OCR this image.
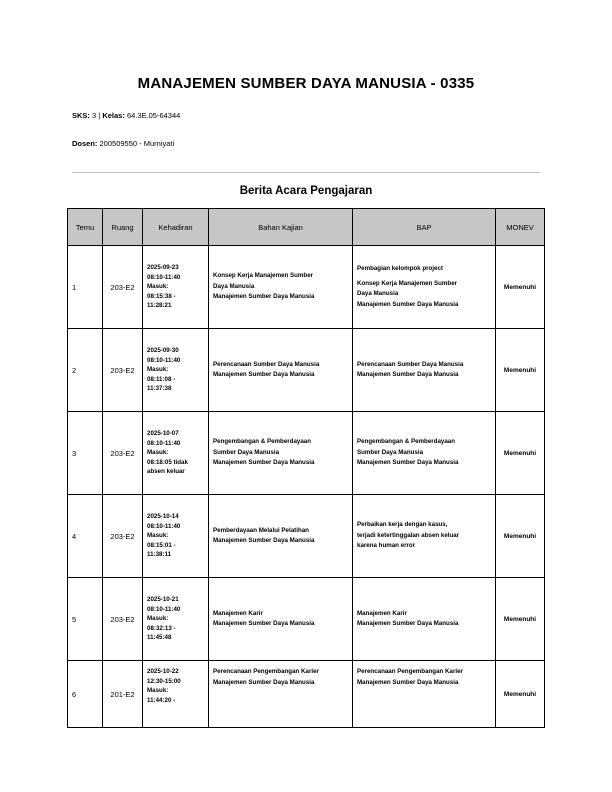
MANAJEMEN SUMBER DAYA MANUSIA - 0335
SKS: 3 | Kelas: 64.3E.05-64344
Dosen: 200509550 - Murniyati
Berita Acara Pengajaran
Temu	Ruang	Kehadiran	Bahan Kajian	BAP	MONEV
1	203-E2	2025-09-23
08:10-11:40
Masuk:
08:15:38 -
11:28:21	Konsep Kerja Manajemen Sumber
Daya Manusia
Manajemen Sumber Daya Manusia	Pembagian kelompok project
Konsep Kerja Manajemen Sumber
Daya Manusia
Manajemen Sumber Daya Manusia	Memenuhi
2	203-E2	2025-09-30
08:10-11:40
Masuk:
08:11:08 -
11:37:38	Perencanaan Sumber Daya Manusia
Manajemen Sumber Daya Manusia	Perencanaan Sumber Daya Manusia
Manajemen Sumber Daya Manusia	Memenuhi
3	203-E2	2025-10-07
08:10-11:40
Masuk:
08:18:05 tidak
absen keluar	Pengembangan & Pemberdayaan
Sumber Daya Manusia
Manajemen Sumber Daya Manusia	Pengembangan & Pemberdayaan
Sumber Daya Manusia
Manajemen Sumber Daya Manusia	Memenuhi
4	203-E2	2025-10-14
08:10-11:40
Masuk:
08:15:01 -
11:38:11	Pemberdayaan Melalui Pelatihan
Manajemen Sumber Daya Manusia	Perbaikan kerja dengan kasus,
terjadi ketertinggalan absen keluar
karena human error	Memenuhi
5	203-E2	2025-10-21
08:10-11:40
Masuk:
08:32:13 -
11:45:48	Manajemen Karir
Manajemen Sumber Daya Manusia	Manajemen Karir
Manajemen Sumber Daya Manusia	Memenuhi
6	201-E2	2025-10-22
12:30-15:00
Masuk:
11:44:20 -	Perencanaan Pengembangan Karier
Manajemen Sumber Daya Manusia	Perencanaan Pengembangan Karier
Manajemen Sumber Daya Manusia	Memenuhi
